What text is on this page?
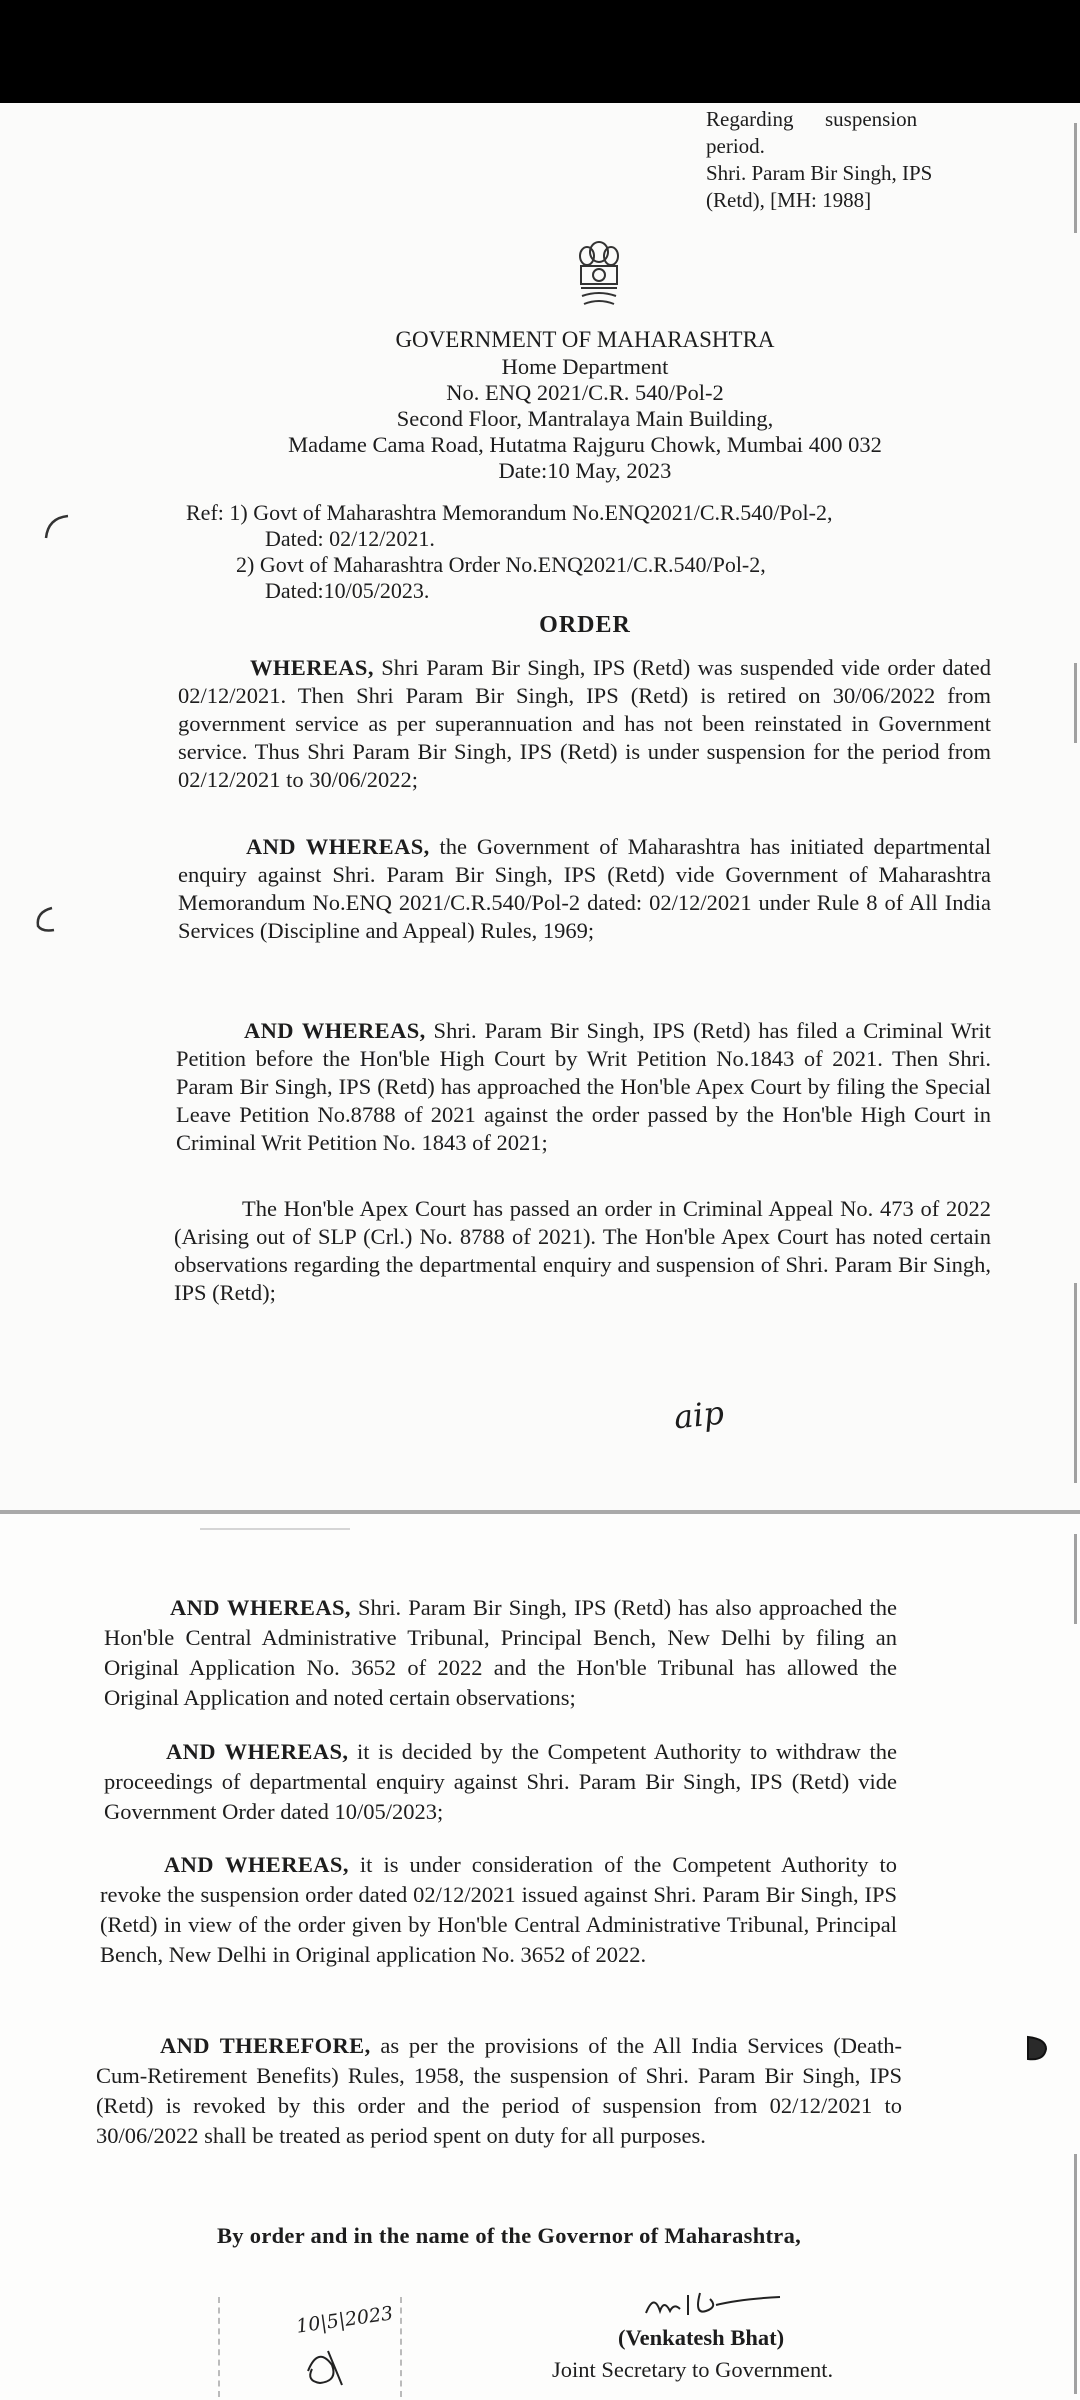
Regarding      suspension
period.
Shri. Param Bir Singh, IPS
(Retd), [MH: 1988]
GOVERNMENT OF MAHARASHTRA
Home Department
No. ENQ 2021/C.R. 540/Pol-2
Second Floor, Mantralaya Main Building,
Madame Cama Road, Hutatma Rajguru Chowk, Mumbai 400 032
Date:10 May, 2023
Ref: 1) Govt of Maharashtra Memorandum No.ENQ2021/C.R.540/Pol-2,
Dated: 02/12/2021.
2) Govt of Maharashtra Order No.ENQ2021/C.R.540/Pol-2,
Dated:10/05/2023.
ORDER
WHEREAS, Shri Param Bir Singh, IPS (Retd) was suspended vide order dated 02/12/2021. Then Shri Param Bir Singh, IPS (Retd) is retired on 30/06/2022 from government service as per superannuation and has not been reinstated in Government service. Thus Shri Param Bir Singh, IPS (Retd) is under suspension for the period from 02/12/2021 to 30/06/2022;
AND WHEREAS, the Government of Maharashtra has initiated departmental enquiry against Shri. Param Bir Singh, IPS (Retd) vide Government of Maharashtra Memorandum No.ENQ 2021/C.R.540/Pol-2 dated: 02/12/2021 under Rule 8 of All India Services (Discipline and Appeal) Rules, 1969;
AND WHEREAS, Shri. Param Bir Singh, IPS (Retd) has filed a Criminal Writ Petition before the Hon'ble High Court by Writ Petition No.1843 of 2021. Then Shri. Param Bir Singh, IPS (Retd) has approached the Hon'ble Apex Court by filing the Special Leave Petition No.8788 of 2021 against the order passed by the Hon'ble High Court in Criminal Writ Petition No. 1843 of 2021;
The Hon'ble Apex Court has passed an order in Criminal Appeal No. 473 of 2022 (Arising out of SLP (Crl.) No. 8788 of 2021). The Hon'ble Apex Court has noted certain observations regarding the departmental enquiry and suspension of Shri. Param Bir Singh, IPS (Retd);
aip
AND WHEREAS, Shri. Param Bir Singh, IPS (Retd) has also approached the Hon'ble Central Administrative Tribunal, Principal Bench, New Delhi by filing an Original Application No. 3652 of 2022 and the Hon'ble Tribunal has allowed the Original Application and noted certain observations;
AND WHEREAS, it is decided by the Competent Authority to withdraw the proceedings of departmental enquiry against Shri. Param Bir Singh, IPS (Retd) vide Government Order dated 10/05/2023;
AND WHEREAS, it is under consideration of the Competent Authority to revoke the suspension order dated 02/12/2021 issued against Shri. Param Bir Singh, IPS (Retd) in view of the order given by Hon'ble Central Administrative Tribunal, Principal Bench, New Delhi in Original application No. 3652 of 2022.
AND THEREFORE, as per the provisions of the All India Services (Death-Cum-Retirement Benefits) Rules, 1958, the suspension of Shri. Param Bir Singh, IPS (Retd) is revoked by this order and the period of suspension from 02/12/2021 to 30/06/2022 shall be treated as period spent on duty for all purposes.
By order and in the name of the Governor of Maharashtra,
(Venkatesh Bhat)
Joint Secretary to Government.
10|5|2023
